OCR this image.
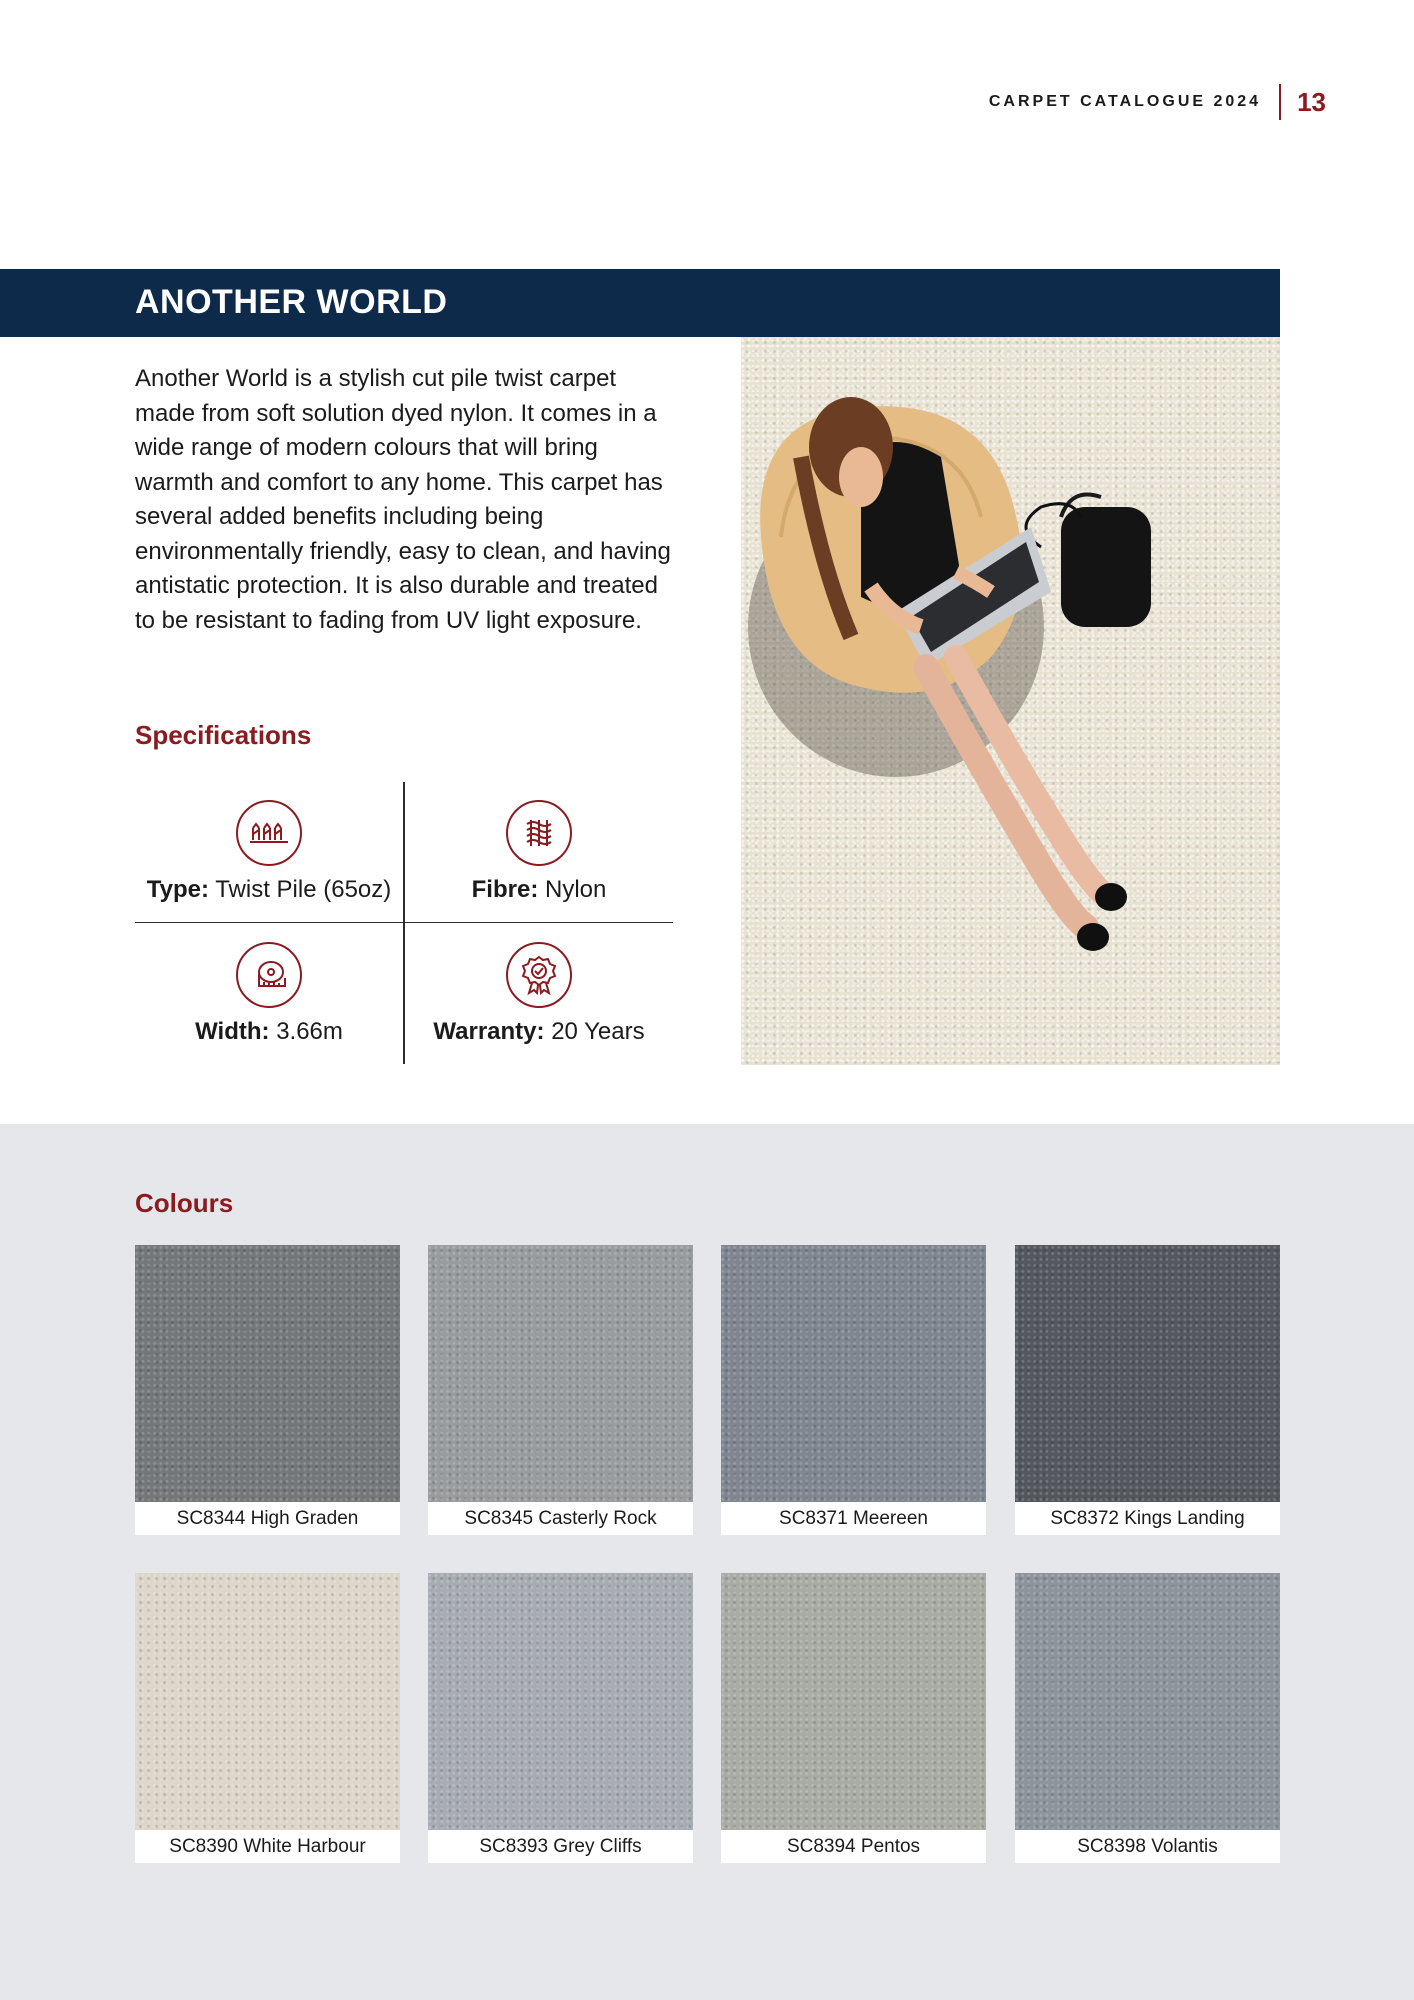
CARPET CATALOGUE 2024 13
ANOTHER WORLD

Another World is a stylish cut pile twist carpet made from soft solution dyed nylon. It comes in a wide range of modern colours that will bring warmth and comfort to any home. This carpet has several added benefits including being environmentally friendly, easy to clean, and having antistatic protection. It is also durable and treated to be resistant to fading from UV light exposure.

Specifications
Type: Twist Pile (65oz)	Fibre: Nylon
Width: 3.66m	Warranty: 20 Years
Colours
SC8344 High Graden	SC8345 Casterly Rock	SC8371 Meereen	SC8372 Kings Landing
SC8390 White Harbour	SC8393 Grey Cliffs	SC8394 Pentos	SC8398 Volantis
